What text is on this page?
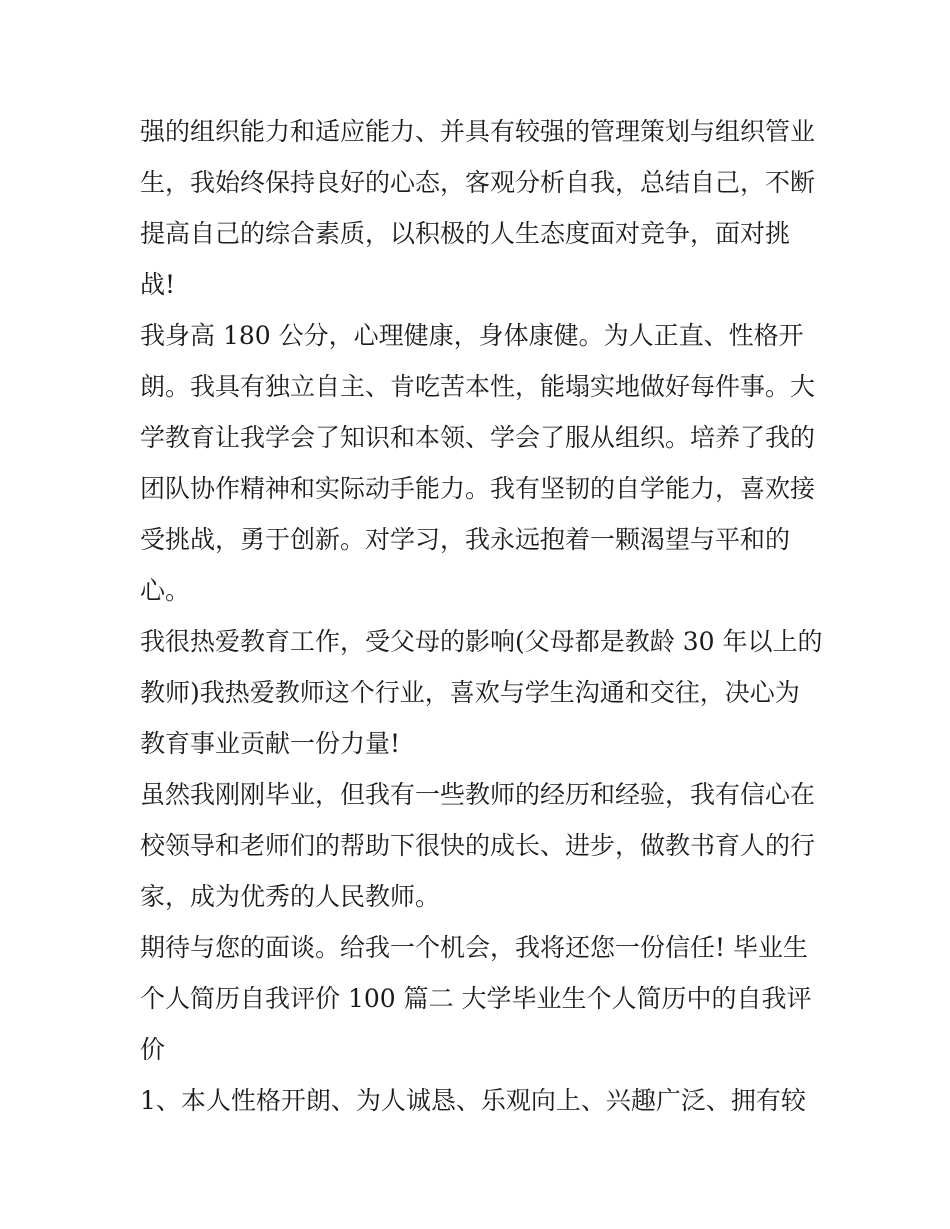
强的组织能力和适应能力、并具有较强的管理策划与组织管业

生，我始终保持良好的心态，客观分析自我，总结自己，不断

提高自己的综合素质，以积极的人生态度面对竞争，面对挑

战!

我身高 180 公分，心理健康，身体康健。为人正直、性格开

朗。我具有独立自主、肯吃苦本性，能塌实地做好每件事。大

学教育让我学会了知识和本领、学会了服从组织。培养了我的

团队协作精神和实际动手能力。我有坚韧的自学能力，喜欢接

受挑战，勇于创新。对学习，我永远抱着一颗渴望与平和的

心。

我很热爱教育工作，受父母的影响(父母都是教龄 30 年以上的

教师)我热爱教师这个行业，喜欢与学生沟通和交往，决心为

教育事业贡献一份力量!

虽然我刚刚毕业，但我有一些教师的经历和经验，我有信心在

校领导和老师们的帮助下很快的成长、进步，做教书育人的行

家，成为优秀的人民教师。

期待与您的面谈。给我一个机会，我将还您一份信任! 毕业生

个人简历自我评价 100 篇二 大学毕业生个人简历中的自我评

价

1、本人性格开朗、为人诚恳、乐观向上、兴趣广泛、拥有较
